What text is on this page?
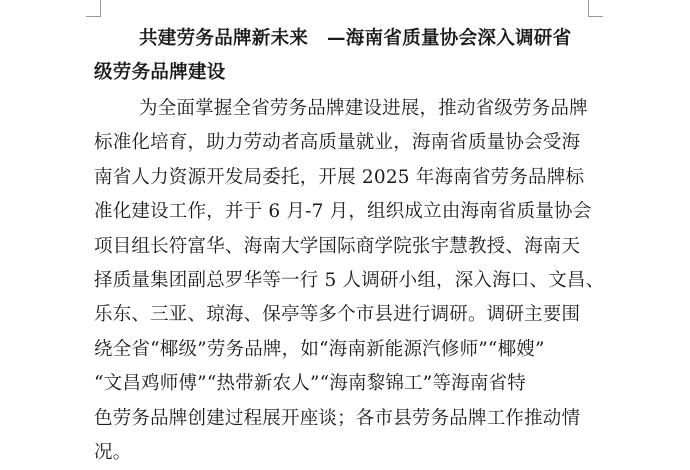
共建劳务品牌新未来　—海南省质量协会深入调研省
级劳务品牌建设

为全面掌握全省劳务品牌建设进展，推动省级劳务品牌
标准化培育，助力劳动者高质量就业，海南省质量协会受海
南省人力资源开发局委托，开展 2025 年海南省劳务品牌标
准化建设工作，并于 6 月-7 月，组织成立由海南省质量协会
项目组长符富华、海南大学国际商学院张宇慧教授、海南天
择质量集团副总罗华等一行 5 人调研小组，深入海口、文昌、
乐东、三亚、琼海、保亭等多个市县进行调研。调研主要围
绕全省“椰级”劳务品牌，如“海南新能源汽修师”“椰嫂”
“文昌鸡师傅”“热带新农人”“海南黎锦工”等海南省特
色劳务品牌创建过程展开座谈；各市县劳务品牌工作推动情
况。
